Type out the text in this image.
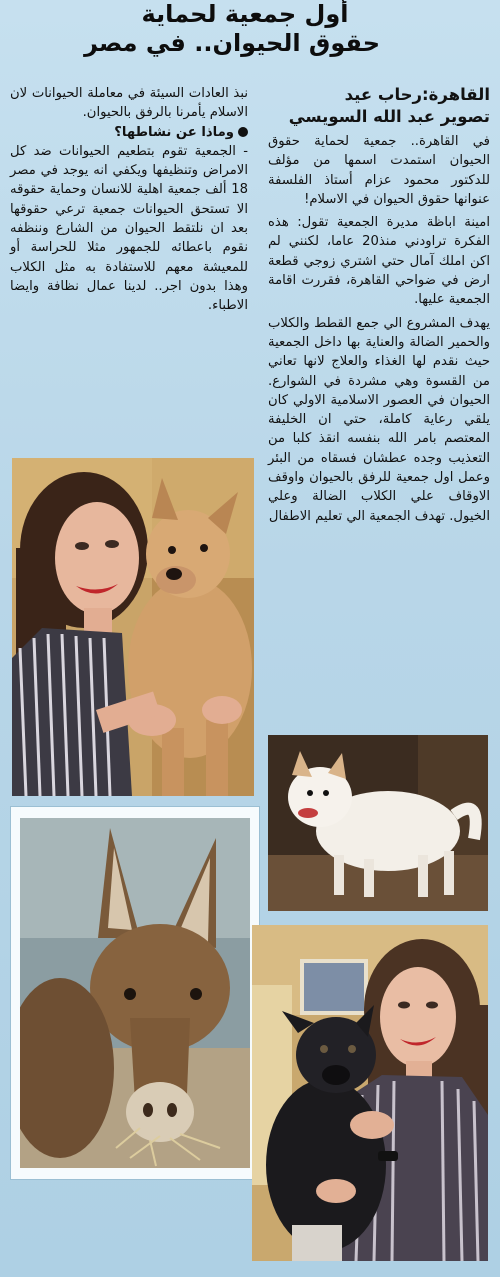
أول جمعية لحماية
حقوق الحيوان.. في مصر

القاهرة:رحاب عيد

تصوير عبد الله السويسي

في القاهرة.. جمعية لحماية حقوق الحيوان استمدت اسمها من مؤلف للدكتور محمود عزام أستاذ الفلسفة عنوانها حقوق الحيوان في الاسلام!

امينة اباظة مديرة الجمعية تقول: هذه الفكرة تراودني منذ20 عاما، لكنني لم اكن املك آمال حتي اشتري زوجي قطعة ارض في ضواحي القاهرة، فقررت اقامة الجمعية عليها.

يهدف المشروع الي جمع القطط والكلاب والحمير الضالة والعناية بها داخل الجمعية حيث نقدم لها الغذاء والعلاج لانها تعاني من القسوة وهي مشردة في الشوارع. الحيوان في العصور الاسلامية الاولي كان يلقي رعاية كاملة، حتي ان الخليفة المعتصم بامر الله بنفسه انقذ كلبا من التعذيب وجده عطشان فسقاه من البئر وعمل اول جمعية للرفق بالحيوان واوقف الاوقاف علي الكلاب الضالة وعلي الخيول. تهدف الجمعية الي تعليم الاطفال

نبذ العادات السيئة في معاملة الحيوانات لان الاسلام يأمرنا بالرفق بالحيوان.

وماذا عن نشاطها؟

- الجمعية تقوم بتطعيم الحيوانات ضد كل الامراض وتنظيفها ويكفي انه يوجد في مصر 18 ألف جمعية اهلية للانسان وحماية حقوقه الا تستحق الحيوانات جمعية ترعي حقوقها بعد ان نلتقط الحيوان من الشارع وننظفه نقوم باعطائه للجمهور مثلا للحراسة أو للمعيشة معهم للاستفادة به مثل الكلاب وهذا بدون اجر.. لدينا عمال نظافة وايضا الاطباء.
